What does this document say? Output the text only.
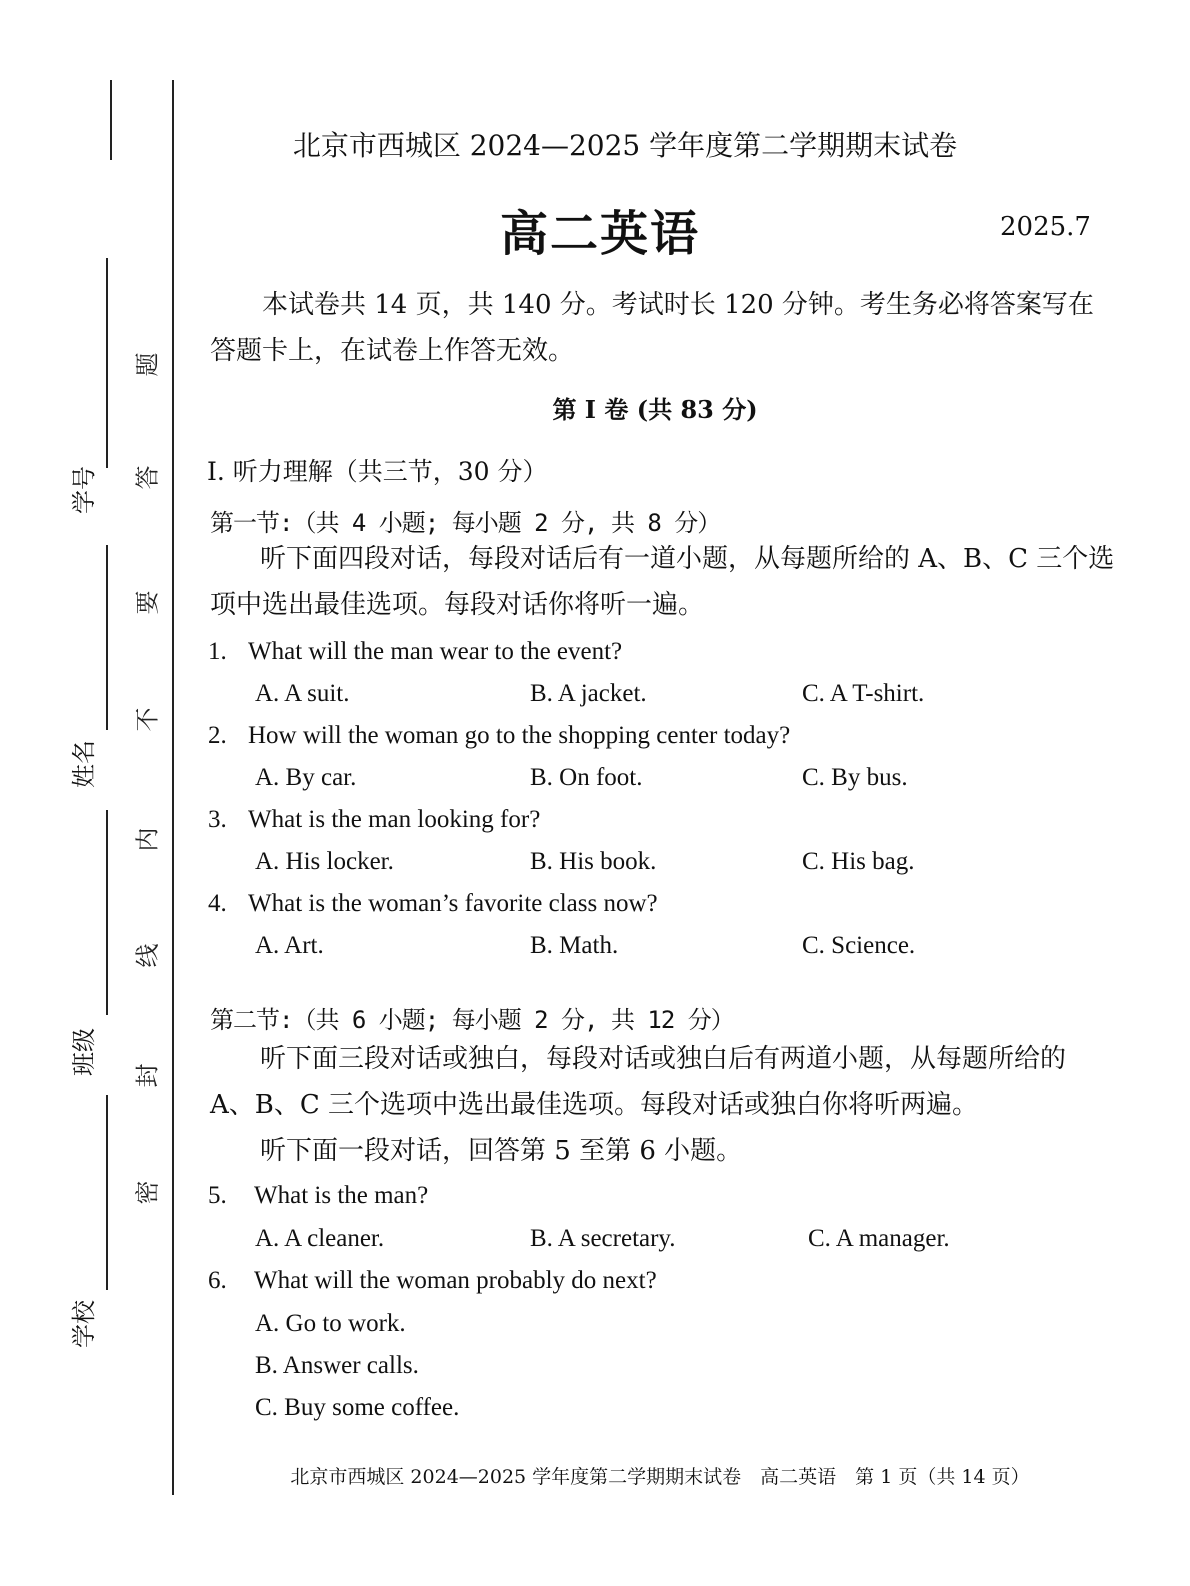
学号
姓名
班级
学校
题
答
要
不
内
线
封
密
北京市西城区 2024—2025 学年度第二学期期末试卷
高二英语	2025.7
本试卷共 14 页，共 140 分。考试时长 120 分钟。考生务必将答案写在答题卡上，在试卷上作答无效。
第 I 卷 (共 83 分)
I. 听力理解（共三节，30 分）
第一节:（共 4 小题; 每小题 2 分, 共 8 分）
听下面四段对话，每段对话后有一道小题，从每题所给的 A、B、C 三个选项中选出最佳选项。每段对话你将听一遍。
1. What will the man wear to the event?
A. A suit.	B. A jacket.	C. A T-shirt.
2. How will the woman go to the shopping center today?
A. By car.	B. On foot.	C. By bus.
3. What is the man looking for?
A. His locker.	B. His book.	C. His bag.
4. What is the woman’s favorite class now?
A. Art.	B. Math.	C. Science.
第二节:（共 6 小题; 每小题 2 分, 共 12 分）
听下面三段对话或独白，每段对话或独白后有两道小题，从每题所给的 A、B、C 三个选项中选出最佳选项。每段对话或独白你将听两遍。
听下面一段对话，回答第 5 至第 6 小题。
5. What is the man?
A. A cleaner.	B. A secretary.	C. A manager.
6. What will the woman probably do next?
A. Go to work.
B. Answer calls.
C. Buy some coffee.
北京市西城区 2024—2025 学年度第二学期期末试卷　高二英语　第 1 页（共 14 页）
